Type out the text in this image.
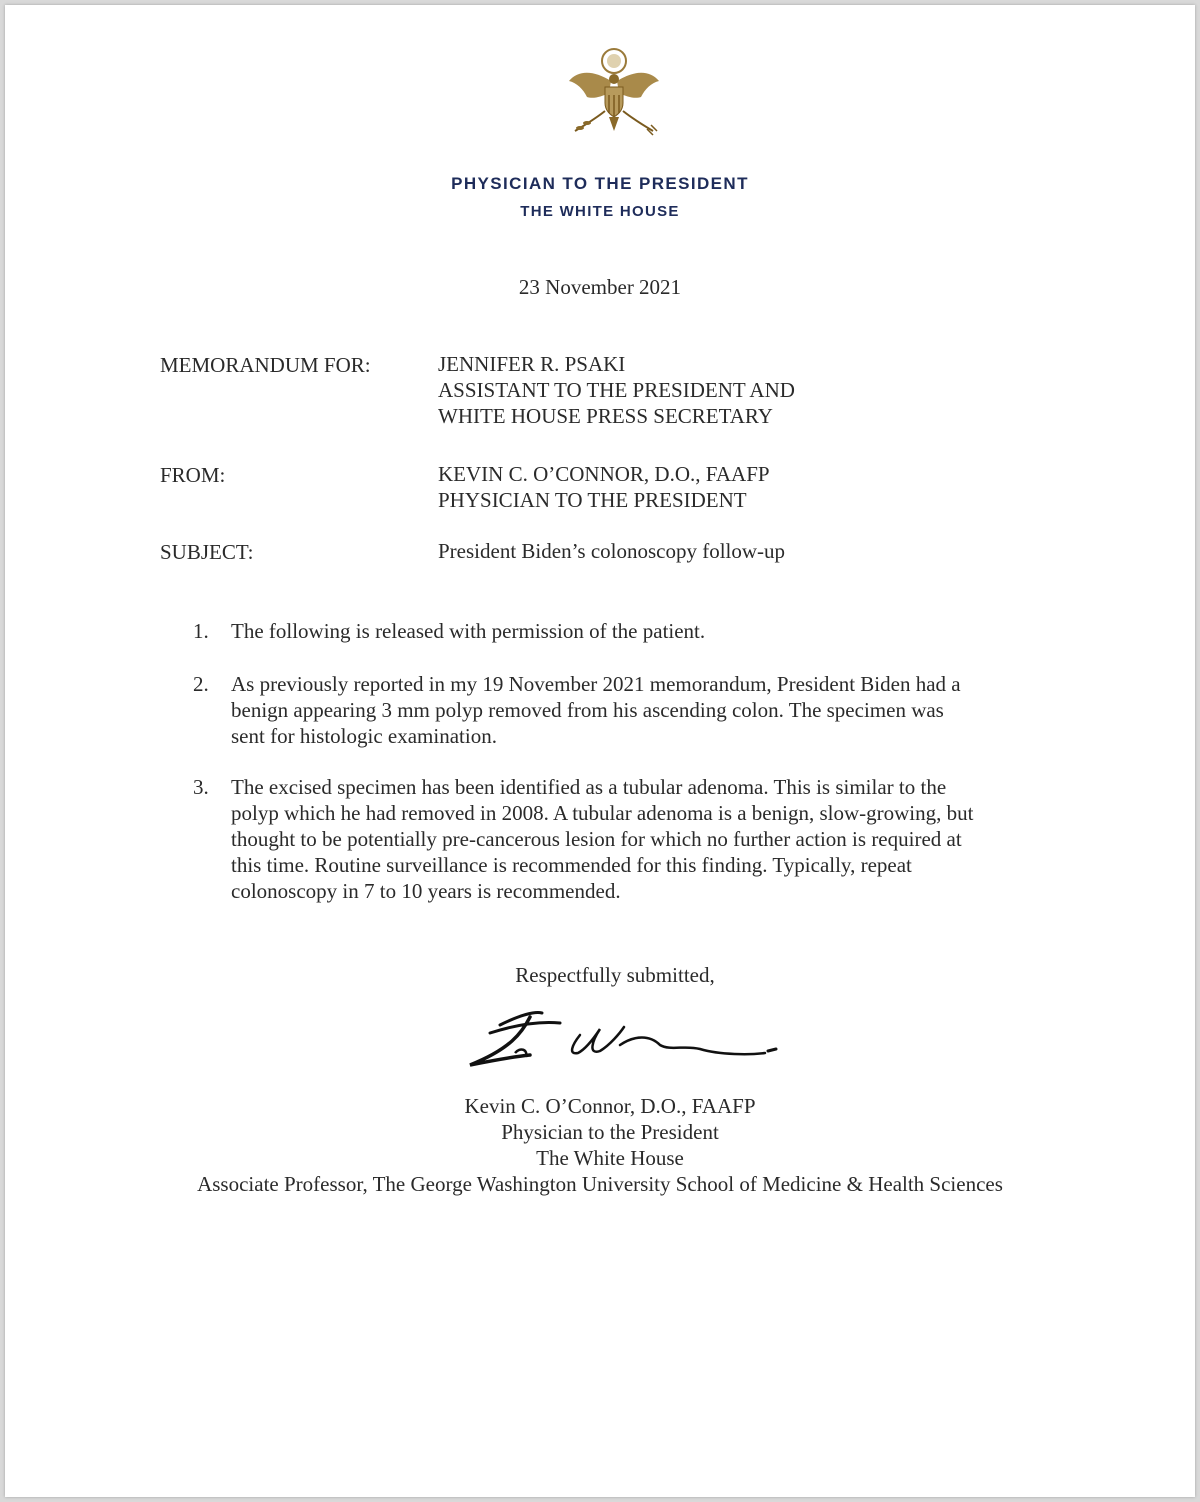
PHYSICIAN TO THE PRESIDENT
THE WHITE HOUSE
23 November 2021
MEMORANDUM FOR:	JENNIFER R. PSAKI
ASSISTANT TO THE PRESIDENT AND
WHITE HOUSE PRESS SECRETARY
FROM:	KEVIN C. O’CONNOR, D.O., FAAFP
PHYSICIAN TO THE PRESIDENT
SUBJECT:	President Biden’s colonoscopy follow-up
1. The following is released with permission of the patient.
2. As previously reported in my 19 November 2021 memorandum, President Biden had a
benign appearing 3 mm polyp removed from his ascending colon. The specimen was
sent for histologic examination.
3. The excised specimen has been identified as a tubular adenoma. This is similar to the
polyp which he had removed in 2008. A tubular adenoma is a benign, slow-growing, but
thought to be potentially pre-cancerous lesion for which no further action is required at
this time. Routine surveillance is recommended for this finding. Typically, repeat
colonoscopy in 7 to 10 years is recommended.
Respectfully submitted,
Kevin C. O’Connor, D.O., FAAFP
Physician to the President
The White House
Associate Professor, The George Washington University School of Medicine & Health Sciences
